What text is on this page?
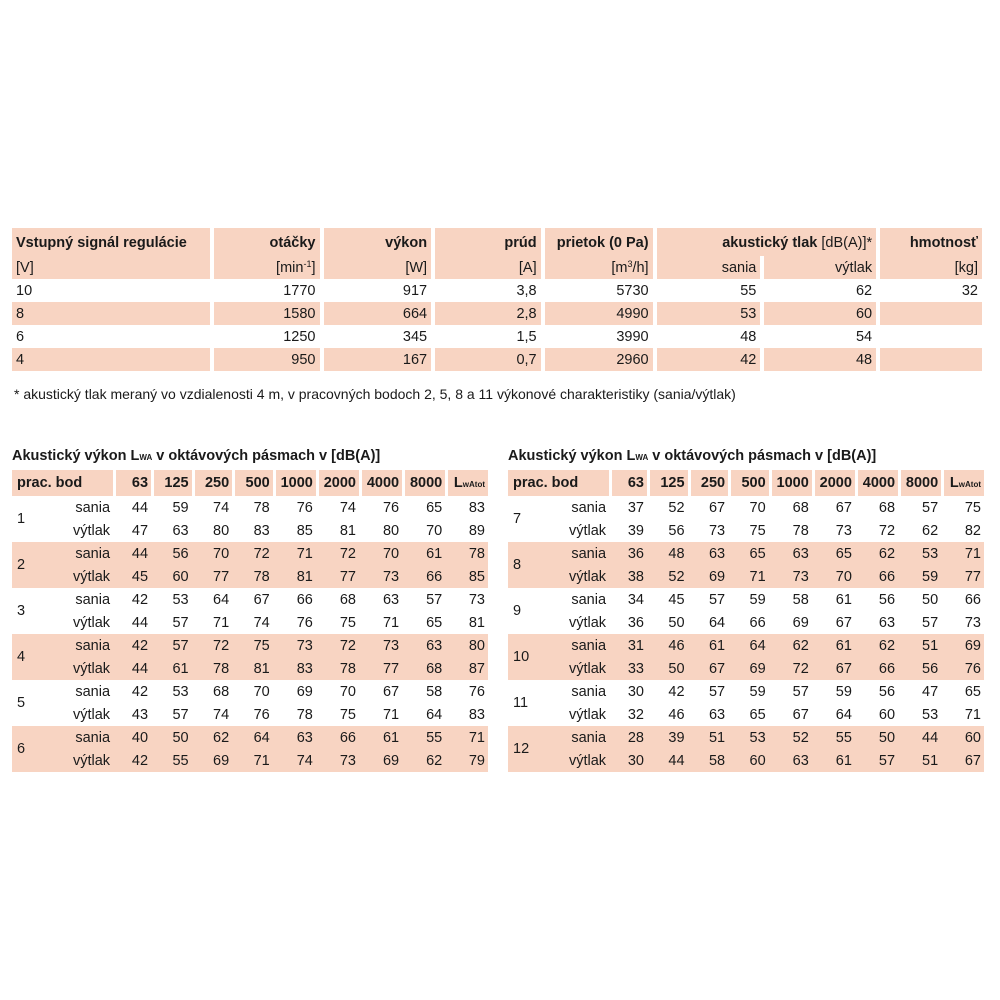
Vstupný signál regulácie	otáčky	výkon	prúd	prietok (0 Pa)	akustický tlak [dB(A)]*		hmotnosť
[V]	$[\min^{-1}]$	[W]	[A]	$[m^3/h]$	sania	výtlak	[kg]
10	1770	917	3,8	5730	55	62	32
8	1580	664	2,8	4990	53	60	
6	1250	345	1,5	3990	48	54	
4	950	167	0,7	2960	42	48	
* akustický tlak meraný vo vzdialenosti 4 m, v pracovných bodoch 2, 5, 8 a 11 výkonové charakteristiky (sania/výtlak)
Akustický výkon LWA v oktávových pásmach v [dB(A)]	Akustický výkon LWA v oktávových pásmach v [dB(A)]
prac. bod		63	125	250	500	1000	2000	4000	8000	LwAtot
1	sania	44	59	74	78	76	74	76	65	83
	výtlak	47	63	80	83	85	81	80	70	89
2	sania	44	56	70	72	71	72	70	61	78
	výtlak	45	60	77	78	81	77	73	66	85
3	sania	42	53	64	67	66	68	63	57	73
	výtlak	44	57	71	74	76	75	71	65	81
4	sania	42	57	72	75	73	72	73	63	80
	výtlak	44	61	78	81	83	78	77	68	87
5	sania	42	53	68	70	69	70	67	58	76
	výtlak	43	57	74	76	78	75	71	64	83
6	sania	40	50	62	64	63	66	61	55	71
	výtlak	42	55	69	71	74	73	69	62	79
prac. bod		63	125	250	500	1000	2000	4000	8000	LwAtot
7	sania	37	52	67	70	68	67	68	57	75
	výtlak	39	56	73	75	78	73	72	62	82
8	sania	36	48	63	65	63	65	62	53	71
	výtlak	38	52	69	71	73	70	66	59	77
9	sania	34	45	57	59	58	61	56	50	66
	výtlak	36	50	64	66	69	67	63	57	73
10	sania	31	46	61	64	62	61	62	51	69
	výtlak	33	50	67	69	72	67	66	56	76
11	sania	30	42	57	59	57	59	56	47	65
	výtlak	32	46	63	65	67	64	60	53	71
12	sania	28	39	51	53	52	55	50	44	60
	výtlak	30	44	58	60	63	61	57	51	67
